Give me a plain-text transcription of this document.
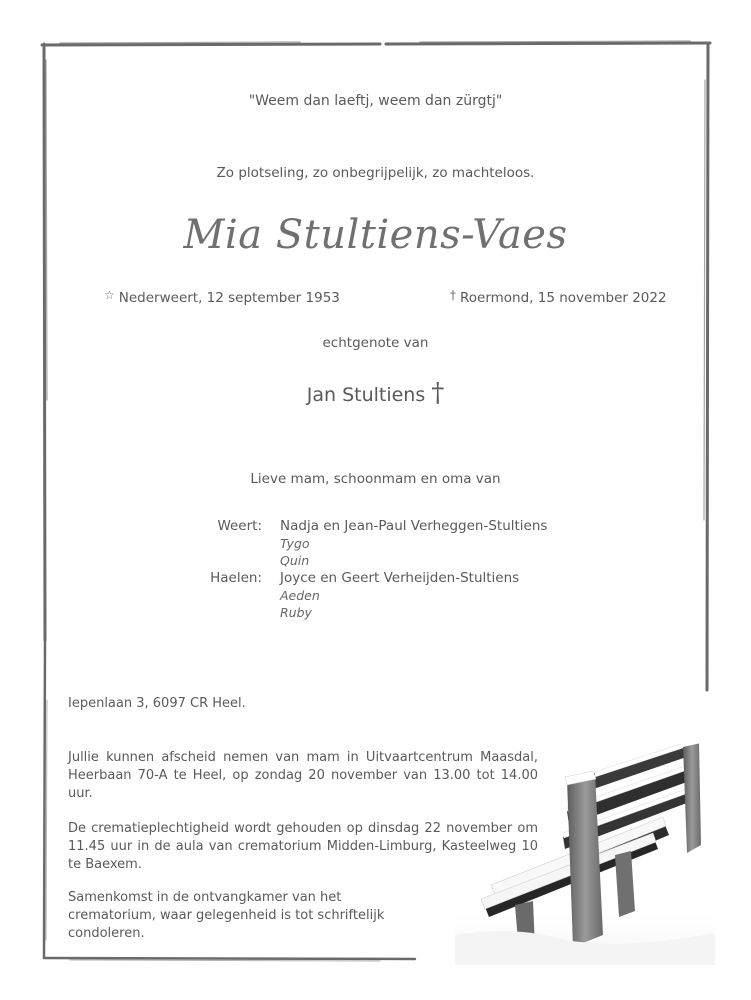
"Weem dan laeftj, weem dan zürgtj"
Zo plotseling, zo onbegrijpelijk, zo machteloos.
Mia Stultiens-Vaes
☆ Nederweert, 12 september 1953	† Roermond, 15 november 2022
echtgenote van
Jan Stultiens †
Lieve mam, schoonmam en oma van
Weert: Nadja en Jean-Paul Verheggen-Stultiens
Tygo
Quin
Haelen: Joyce en Geert Verheijden-Stultiens
Aeden
Ruby
Iepenlaan 3, 6097 CR Heel.
Jullie kunnen afscheid nemen van mam in Uitvaartcentrum Maasdal, Heerbaan 70-A te Heel, op zondag 20 november van 13.00 tot 14.00 uur.
De crematieplechtigheid wordt gehouden op dinsdag 22 november om 11.45 uur in de aula van crematorium Midden-Limburg, Kasteelweg 10 te Baexem.
Samenkomst in de ontvangkamer van het crematorium, waar gelegenheid is tot schriftelijk condoleren.
